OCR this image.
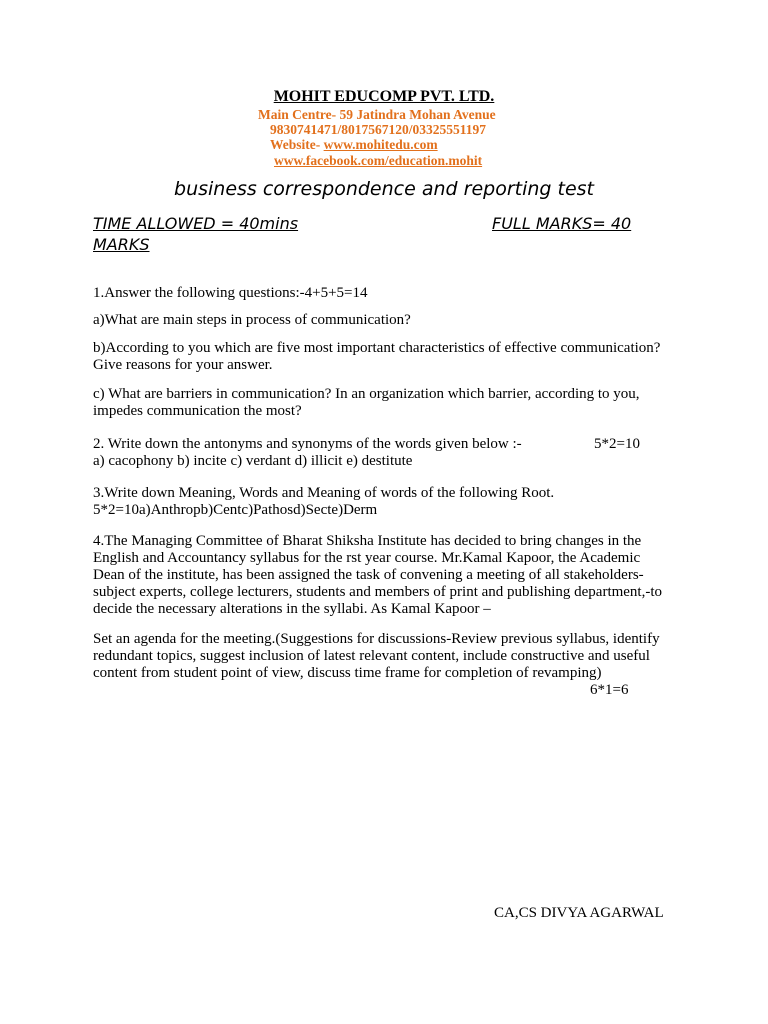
MOHIT EDUCOMP PVT. LTD.
Main Centre- 59 Jatindra Mohan Avenue
9830741471/8017567120/03325551197
Website- www.mohitedu.com
www.facebook.com/education.mohit
business correspondence and reporting test
TIME ALLOWED = 40mins	FULL MARKS= 40
MARKS
1.Answer the following questions:-4+5+5=14
a)What are main steps in process of communication?
b)According to you which are five most important characteristics of effective communication? Give reasons for your answer.
c) What are barriers in communication? In an organization which barrier, according to you, impedes communication the most?
2. Write down the antonyms and synonyms of the words given below :-
a) cacophony b) incite c) verdant d) illicit e) destitute
5*2=10
3.Write down Meaning, Words and Meaning of words of the following Root.
5*2=10a)Anthropb)Centc)Pathosd)Secte)Derm
4.The Managing Committee of Bharat Shiksha Institute has decided to bring changes in the English and Accountancy syllabus for the rst year course. Mr.Kamal Kapoor, the Academic Dean of the institute, has been assigned the task of convening a meeting of all stakeholders-subject experts, college lecturers, students and members of print and publishing department,-to decide the necessary alterations in the syllabi. As Kamal Kapoor –
Set an agenda for the meeting.(Suggestions for discussions-Review previous syllabus, identify redundant topics, suggest inclusion of latest relevant content, include constructive and useful content from student point of view, discuss time frame for completion of revamping)
6*1=6
CA,CS DIVYA AGARWAL
